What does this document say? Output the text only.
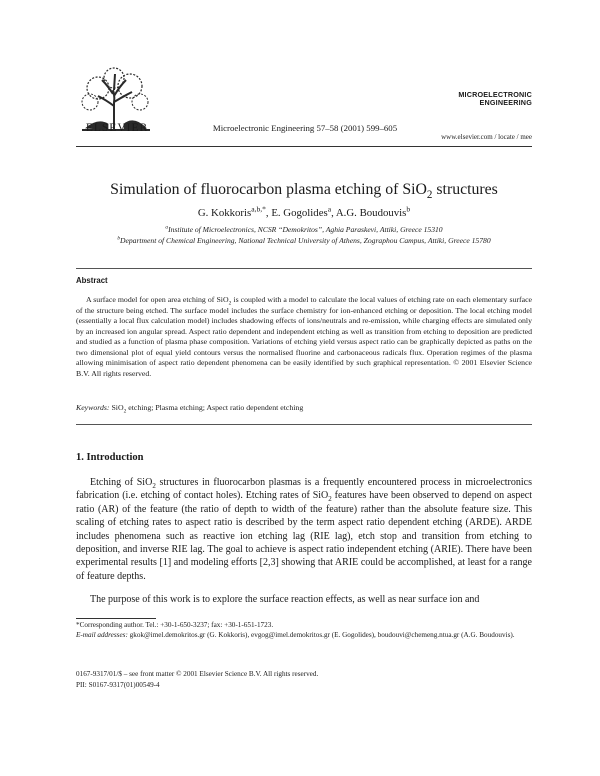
ELSEVIER	Microelectronic Engineering 57–58 (2001) 599–605
MICROELECTRONIC
ENGINEERING
www.elsevier.com / locate / mee
Simulation of fluorocarbon plasma etching of SiO$_2$ structures
G. Kokkoris$^{a,b,*}$, E. Gogolides$^a$, A.G. Boudouvis$^b$
$^a$Institute of Microelectronics, NCSR “Demokritos”, Aghia Paraskevi, Attiki, Greece 15310
$^b$Department of Chemical Engineering, National Technical University of Athens, Zographou Campus, Attiki, Greece 15780
Abstract
A surface model for open area etching of SiO$_2$ is coupled with a model to calculate the local values of etching rate on each elementary surface of the structure being etched. The surface model includes the surface chemistry for ion-enhanced etching or deposition. The local etching model (essentially a local flux calculation model) includes shadowing effects of ions/neutrals and re-emission, while charging effects are simulated only by an increased ion angular spread. Aspect ratio dependent and independent etching as well as transition from etching to deposition are predicted and studied as a function of plasma phase composition. Variations of etching yield versus aspect ratio can be graphically depicted as paths on the two dimensional plot of equal yield contours versus the normalised fluorine and carbonaceous radicals flux. Operation regimes of the plasma allowing minimisation of aspect ratio dependent phenomena can be easily identified by such graphical representation. © 2001 Elsevier Science B.V. All rights reserved.
Keywords: SiO$_2$ etching; Plasma etching; Aspect ratio dependent etching
1. Introduction
Etching of SiO$_2$ structures in fluorocarbon plasmas is a frequently encountered process in microelectronics fabrication (i.e. etching of contact holes). Etching rates of SiO$_2$ features have been observed to depend on aspect ratio (AR) of the feature (the ratio of depth to width of the feature) rather than the absolute feature size. This scaling of etching rates to aspect ratio is described by the term aspect ratio dependent etching (ARDE). ARDE includes phenomena such as reactive ion etching lag (RIE lag), etch stop and transition from etching to deposition, and inverse RIE lag. The goal to achieve is aspect ratio independent etching (ARIE). There have been experimental results [1] and modeling efforts [2,3] showing that ARIE could be accomplished, at least for a range of feature depths.
The purpose of this work is to explore the surface reaction effects, as well as near surface ion and
*Corresponding author. Tel.: +30-1-650-3237; fax: +30-1-651-1723.
E-mail addresses: gkok@imel.demokritos.gr (G. Kokkoris), evgog@imel.demokritos.gr (E. Gogolides), boudouvi@chemeng.ntua.gr (A.G. Boudouvis).
0167-9317/01/$ – see front matter © 2001 Elsevier Science B.V. All rights reserved.
PII: S0167-9317(01)00549-4
